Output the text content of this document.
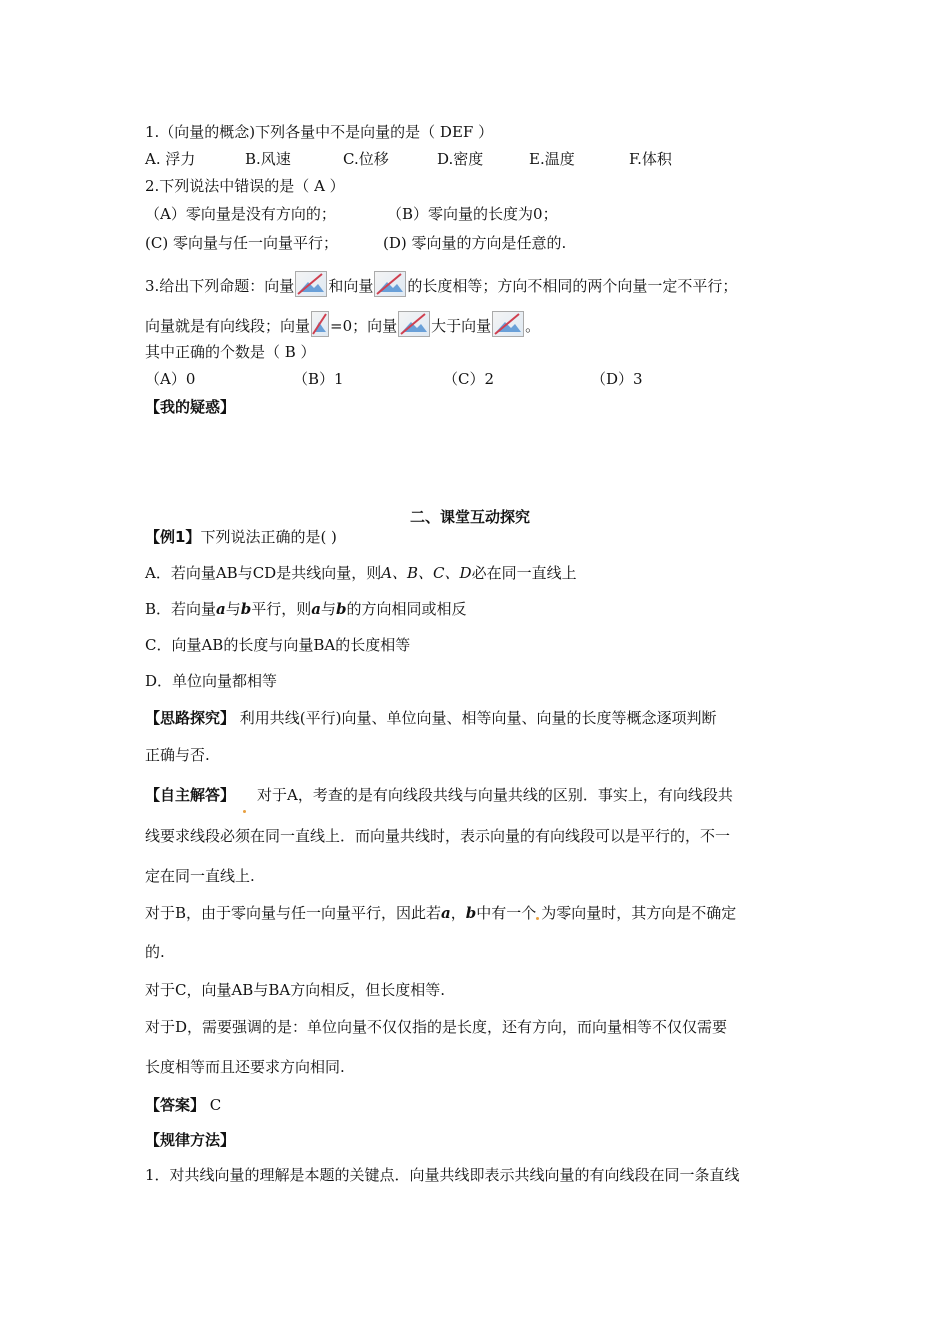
1.（向量的概念)下列各量中不是向量的是（ DEF ）
A. 浮力	B.风速	C.位移	D.密度	E.温度	F.体积
2.下列说法中错误的是（ A ）
（A）零向量是没有方向的；	（B）零向量的长度为0；
(C) 零向量与任一向量平行；	(D) 零向量的方向是任意的.
3.给出下列命题：向量 和向量 的长度相等；方向不相同的两个向量一定不平行；
向量就是有向线段；向量 =0；向量 大于向量 。
其中正确的个数是（ B ）
（A）0	（B）1	（C）2	（D）3
【我的疑惑】
二、课堂互动探究
【例1】下列说法正确的是( )
A．若向量AB与CD是共线向量，则A、B、C、D必在同一直线上
B．若向量a与b平行，则a与b的方向相同或相反
C．向量AB的长度与向量BA的长度相等
D．单位向量都相等
【思路探究】 利用共线(平行)向量、单位向量、相等向量、向量的长度等概念逐项判断
正确与否.
【自主解答】 对于A，考查的是有向线段共线与向量共线的区别．事实上，有向线段共
线要求线段必须在同一直线上．而向量共线时，表示向量的有向线段可以是平行的，不一
定在同一直线上.
对于B，由于零向量与任一向量平行，因此若a，b中有一个 为零向量时，其方向是不确定
的.
对于C，向量AB与BA方向相反，但长度相等.
对于D，需要强调的是：单位向量不仅仅指的是长度，还有方向，而向量相等不仅仅需要
长度相等而且还要求方向相同.
【答案】 C
【规律方法】
1．对共线向量的理解是本题的关键点．向量共线即表示共线向量的有向线段在同一条直线
